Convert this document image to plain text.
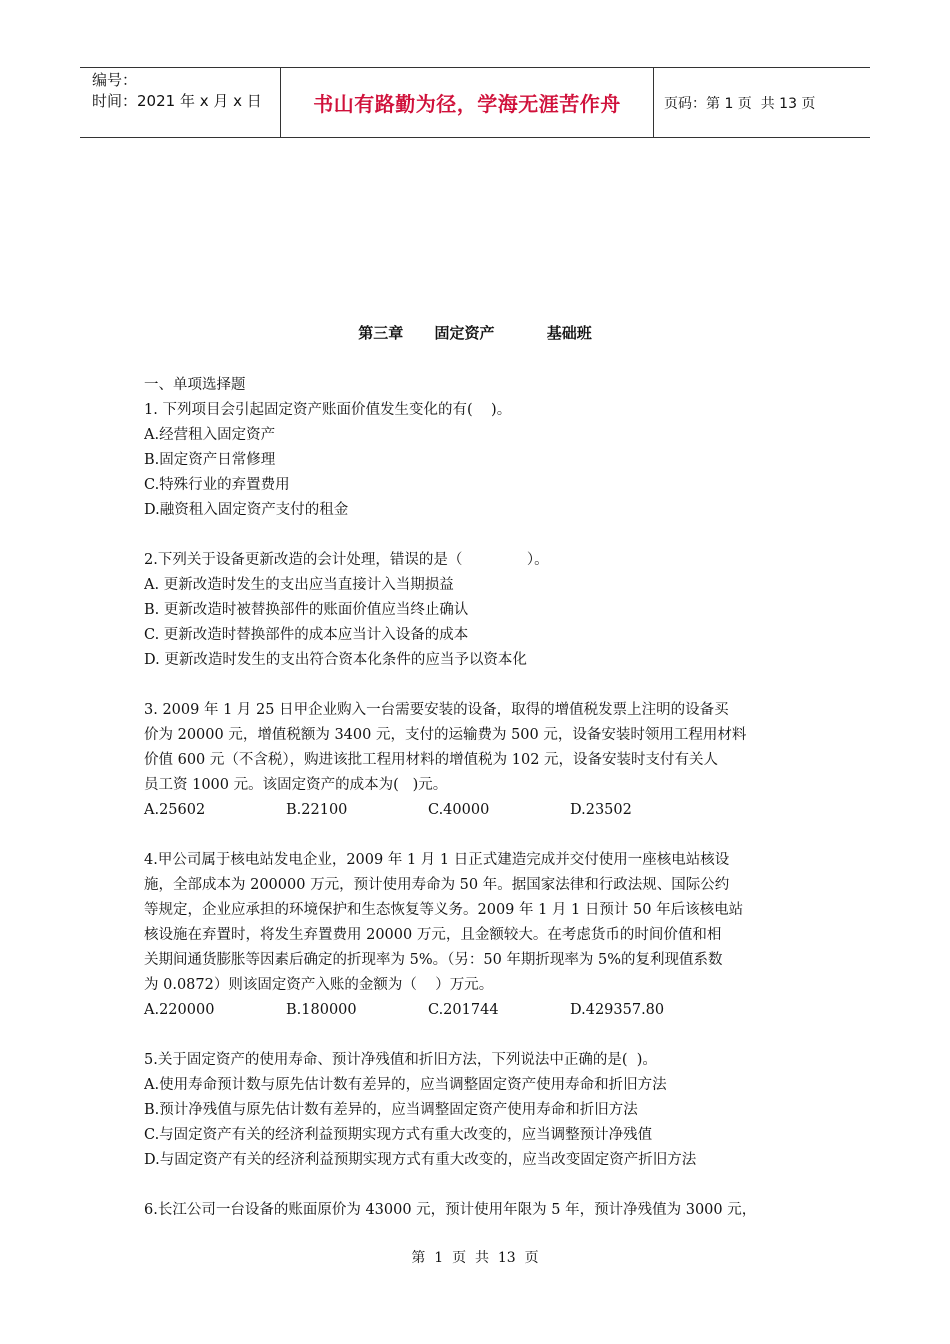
编号：
时间：2021 年 x 月 x 日	书山有路勤为径，学海无涯苦作舟	页码：第 1 页  共 13 页
第三章      固定资产          基础班
一、单项选择题
1. 下列项目会引起固定资产账面价值发生变化的有(    )。
A.经营租入固定资产
B.固定资产日常修理
C.特殊行业的弃置费用
D.融资租入固定资产支付的租金
2.下列关于设备更新改造的会计处理，错误的是（              ）。
A. 更新改造时发生的支出应当直接计入当期损益
B. 更新改造时被替换部件的账面价值应当终止确认
C. 更新改造时替换部件的成本应当计入设备的成本
D. 更新改造时发生的支出符合资本化条件的应当予以资本化
3. 2009 年 1 月 25 日甲企业购入一台需要安装的设备，取得的增值税发票上注明的设备买
价为 20000 元，增值税额为 3400 元，支付的运输费为 500 元，设备安装时领用工程用材料
价值 600 元（不含税），购进该批工程用材料的增值税为 102 元，设备安装时支付有关人
员工资 1000 元。该固定资产的成本为(   )元。
A.25602	B.22100	C.40000	D.23502
4.甲公司属于核电站发电企业，2009 年 1 月 1 日正式建造完成并交付使用一座核电站核设
施，全部成本为 200000 万元，预计使用寿命为 50 年。据国家法律和行政法规、国际公约
等规定，企业应承担的环境保护和生态恢复等义务。2009 年 1 月 1 日预计 50 年后该核电站
核设施在弃置时，将发生弃置费用 20000 万元，且金额较大。在考虑货币的时间价值和相
关期间通货膨胀等因素后确定的折现率为 5%。（另：50 年期折现率为 5%的复利现值系数
为 0.0872）则该固定资产入账的金额为（    ）万元。
A.220000	B.180000	C.201744	D.429357.80
5.关于固定资产的使用寿命、预计净残值和折旧方法，下列说法中正确的是(  )。
A.使用寿命预计数与原先估计数有差异的，应当调整固定资产使用寿命和折旧方法
B.预计净残值与原先估计数有差异的，应当调整固定资产使用寿命和折旧方法
C.与固定资产有关的经济利益预期实现方式有重大改变的，应当调整预计净残值
D.与固定资产有关的经济利益预期实现方式有重大改变的，应当改变固定资产折旧方法
6.长江公司一台设备的账面原价为 43000 元，预计使用年限为 5 年，预计净残值为 3000 元，
第  1  页  共  13  页
